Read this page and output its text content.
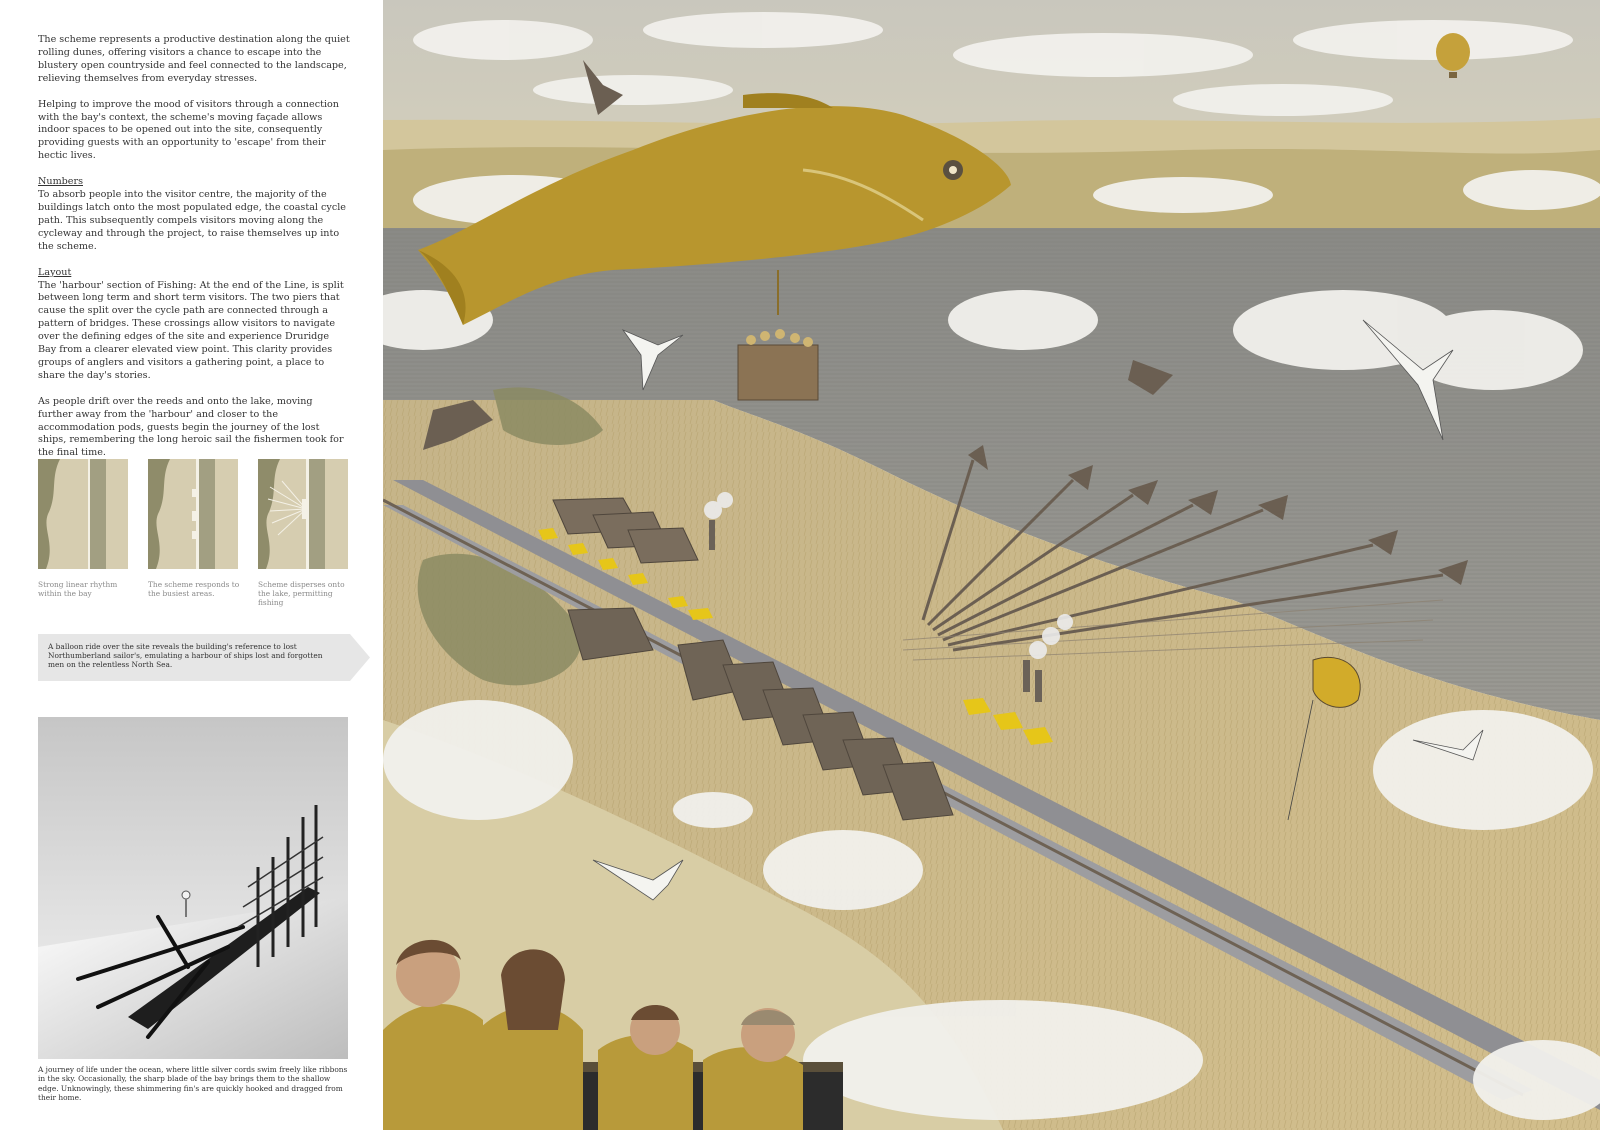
The scheme represents a productive destination along the quiet rolling dunes, offering visitors a chance to escape into the blustery open countryside and feel connected to the landscape, relieving themselves from everyday stresses.

Helping to improve the mood of visitors through a connection with the bay's context, the scheme's moving façade allows indoor spaces to be opened out into the site, consequently providing guests with an opportunity to 'escape' from their hectic lives.

Numbers
To absorb people into the visitor centre, the majority of the buildings latch onto the most populated edge, the coastal cycle path. This subsequently compels visitors moving along the cycleway and through the project, to raise themselves up into the scheme.

Layout
The 'harbour' section of Fishing: At the end of the Line, is split between long term and short term visitors. The two piers that cause the split over the cycle path are connected through a pattern of bridges. These crossings allow visitors to navigate over the defining edges of the site and experience Druridge Bay from a clearer elevated view point. This clarity provides groups of anglers and visitors a gathering point, a place to share the day's stories.

As people drift over the reeds and onto the lake, moving further away from the 'harbour' and closer to the accommodation pods, guests begin the journey of the lost ships, remembering the long heroic sail the fishermen took for the final time.

Strong linear rhythm within the bay
The scheme responds to the busiest areas.
Scheme disperses onto the lake, permitting fishing
A balloon ride over the site reveals the building's reference to lost Northumberland sailor's, emulating a harbour of ships lost and forgotten men on the relentless North Sea.
A journey of life under the ocean, where little silver cords swim freely like ribbons in the sky. Occasionally, the sharp blade of the bay brings them to the shallow edge. Unknowingly, these shimmering fin's are quickly hooked and dragged from their home.
